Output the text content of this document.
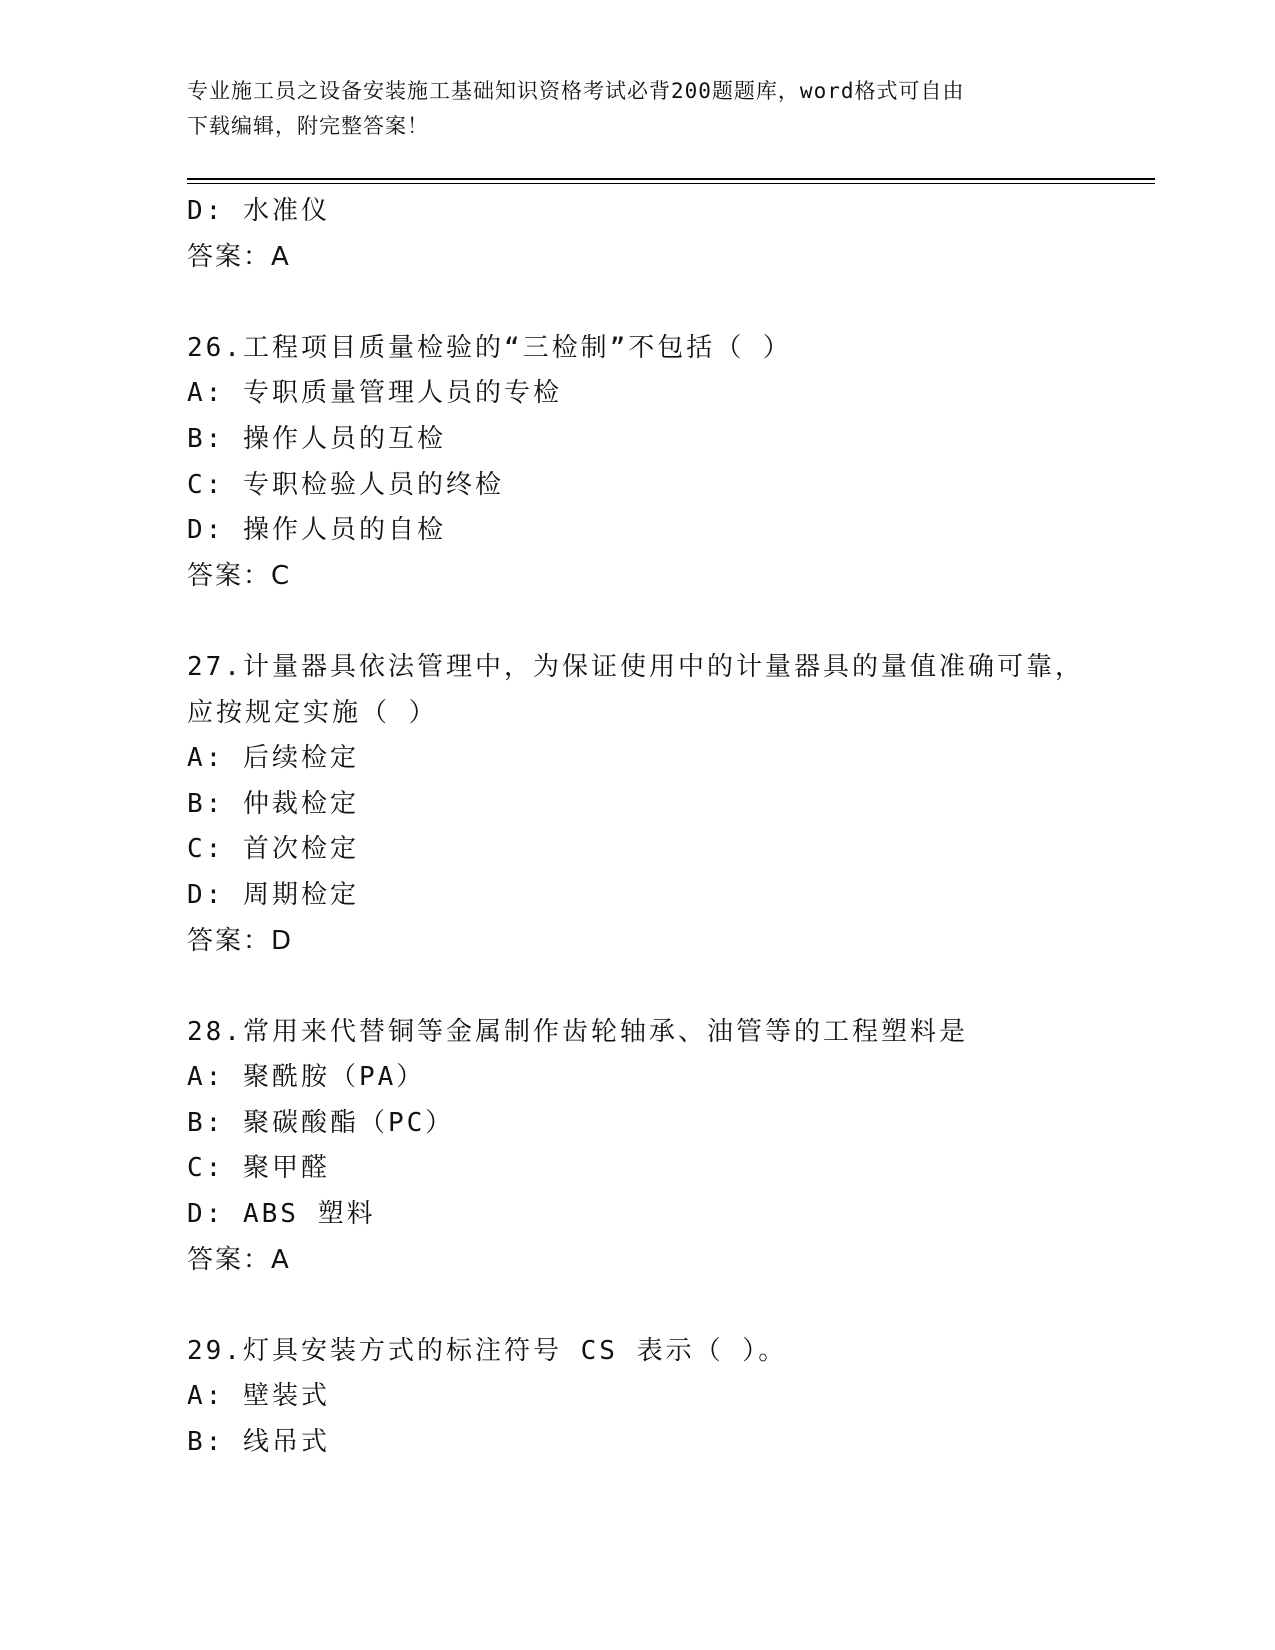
专业施工员之设备安装施工基础知识资格考试必背200题题库，word格式可自由
下载编辑，附完整答案！
D: 水准仪
答案：A
26.工程项目质量检验的“三检制”不包括（ ）
A: 专职质量管理人员的专检
B: 操作人员的互检
C: 专职检验人员的终检
D: 操作人员的自检
答案：C
27.计量器具依法管理中，为保证使用中的计量器具的量值准确可靠，
应按规定实施（ ）
A: 后续检定
B: 仲裁检定
C: 首次检定
D: 周期检定
答案：D
28.常用来代替铜等金属制作齿轮轴承、油管等的工程塑料是
A: 聚酰胺（PA）
B: 聚碳酸酯（PC）
C: 聚甲醛
D: ABS 塑料
答案：A
29.灯具安装方式的标注符号 CS 表示（ ）。
A: 壁装式
B: 线吊式
